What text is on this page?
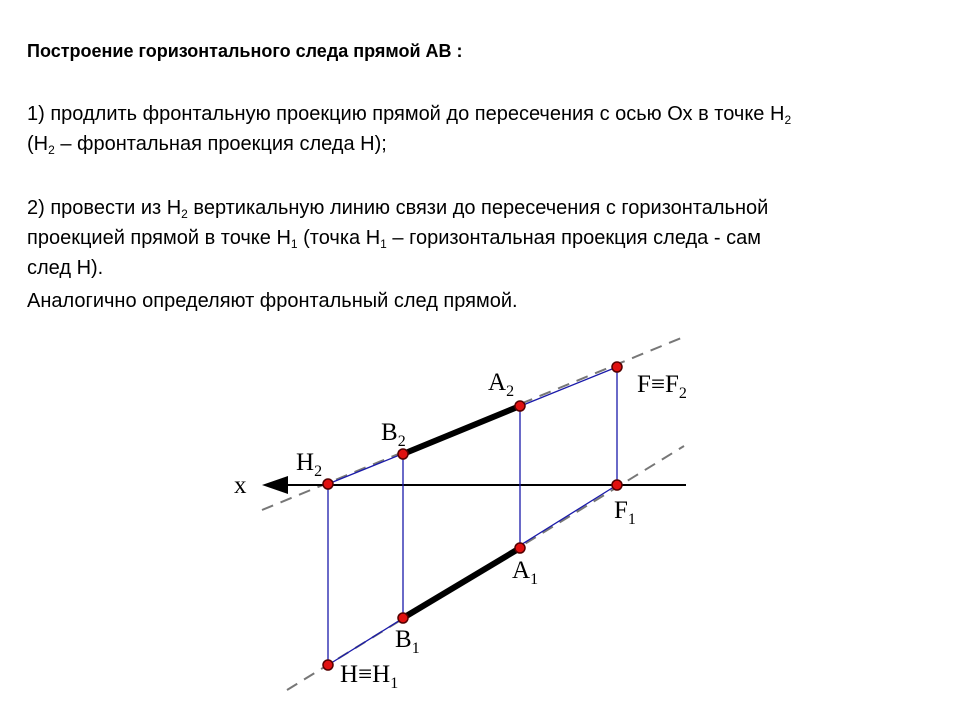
Построение горизонтального следа прямой АВ :

1) продлить фронтальную проекцию прямой до пересечения с осью Ох в точке $Н_2$
($Н_2$ – фронтальная проекция следа Н);

2) провести из $Н_2$ вертикальную линию связи до пересечения с горизонтальной
проекцией прямой в точке $Н_1$ (точка $Н_1$ – горизонтальная проекция следа - сам
след Н).

Аналогично определяют фронтальный след прямой.

x
A2
B2
H2
F≡F2
F1
A1
B1
H≡H1
